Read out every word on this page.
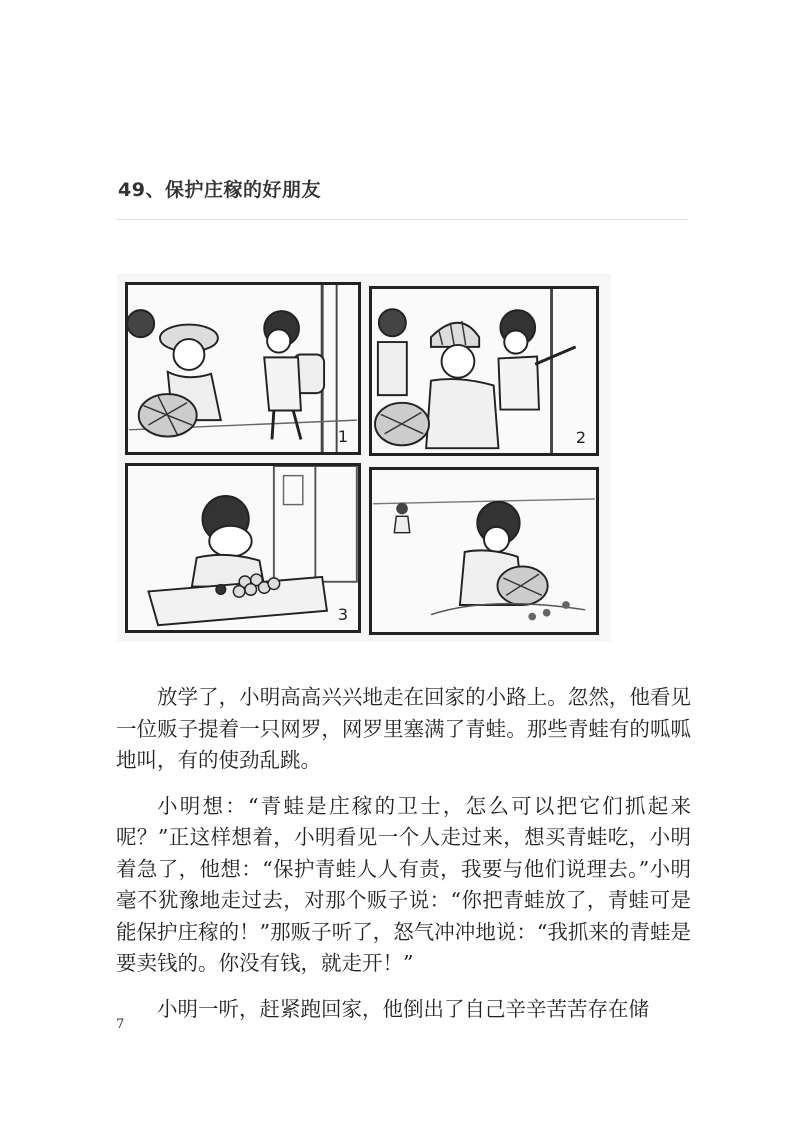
49、保护庄稼的好朋友
1	2
3

放学了，小明高高兴兴地走在回家的小路上。忽然，他看见一位贩子提着一只网罗，网罗里塞满了青蛙。那些青蛙有的呱呱地叫，有的使劲乱跳。

小明想：“青蛙是庄稼的卫士，怎么可以把它们抓起来呢？”正这样想着，小明看见一个人走过来，想买青蛙吃，小明着急了，他想：“保护青蛙人人有责，我要与他们说理去。”小明毫不犹豫地走过去，对那个贩子说：“你把青蛙放了，青蛙可是能保护庄稼的！”那贩子听了，怒气冲冲地说：“我抓来的青蛙是要卖钱的。你没有钱，就走开！”

小明一听，赶紧跑回家，他倒出了自己辛辛苦苦存在储

7
